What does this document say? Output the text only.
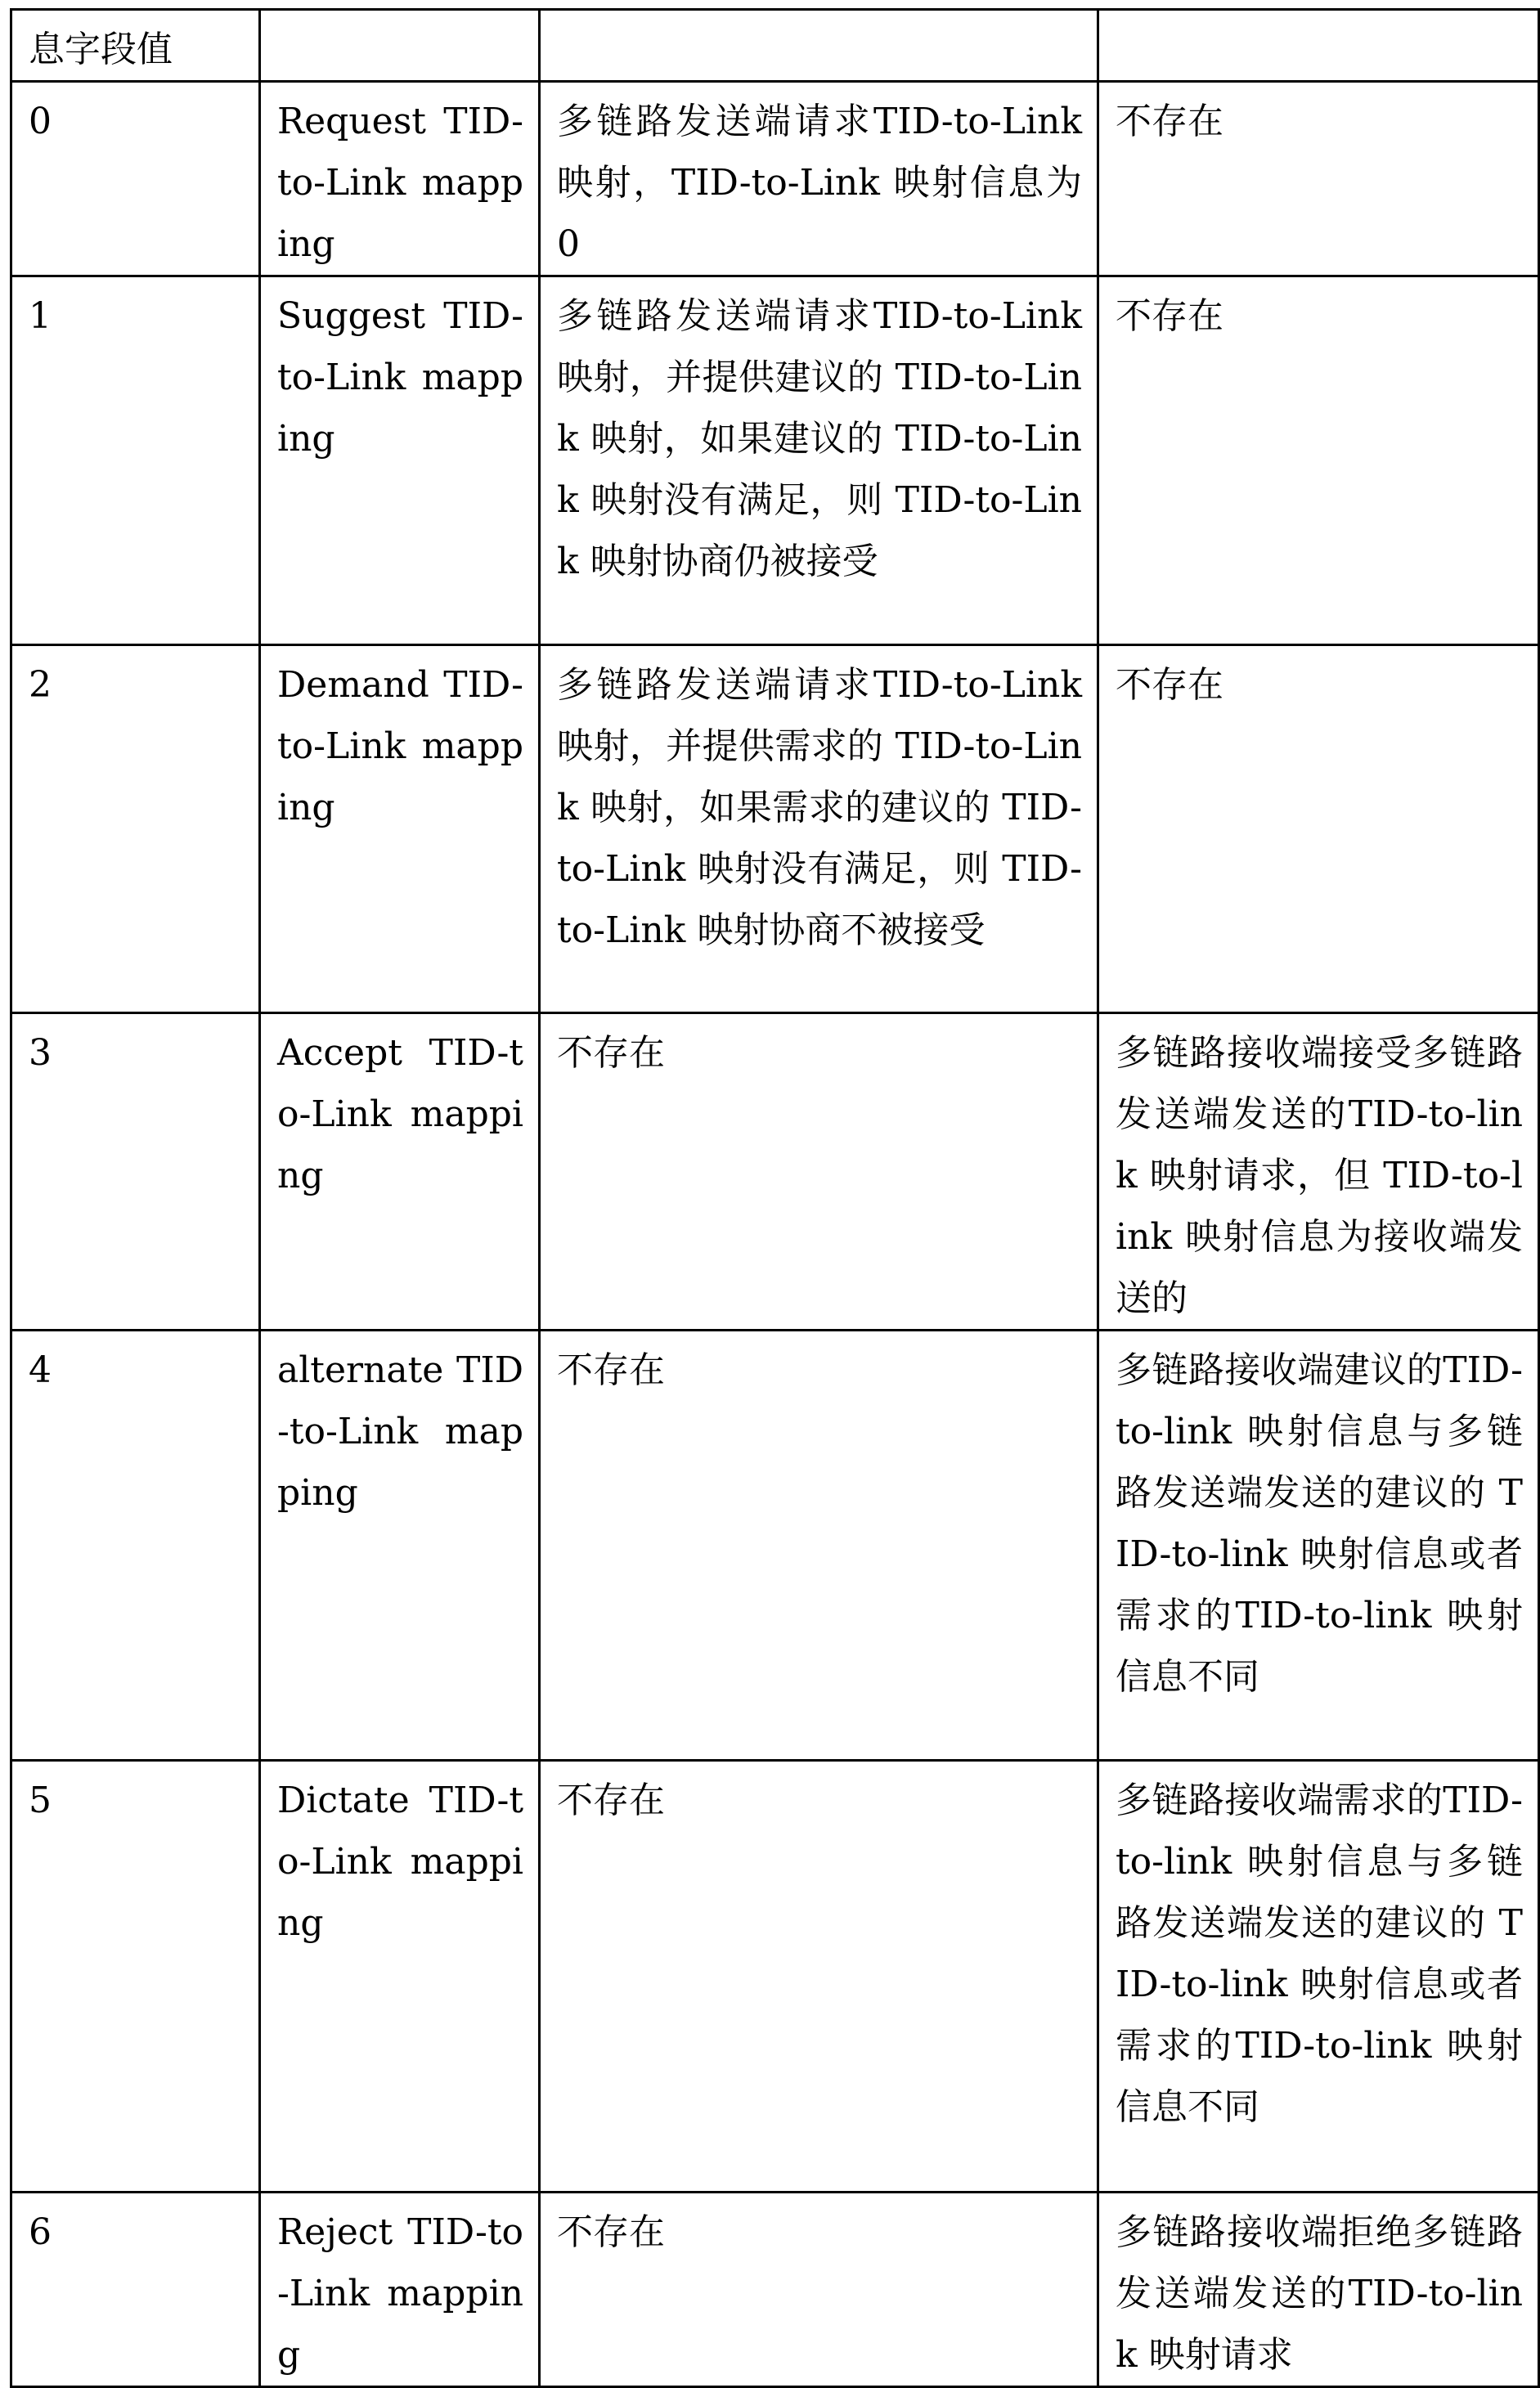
息字段值			
0	Request TID-to-Link mapping	多链路发送端请求TID-to-Link 映射，TID-to-Link 映射信息为 0	不存在
1	Suggest TID-to-Link mapping	多链路发送端请求TID-to-Link 映射，并提供建议的 TID-to-Link 映射，如果建议的 TID-to-Link 映射没有满足，则 TID-to-Link 映射协商仍被接受	不存在
2	Demand TID-to-Link mapping	多链路发送端请求TID-to-Link 映射，并提供需求的 TID-to-Link 映射，如果需求的建议的 TID-to-Link 映射没有满足，则 TID-to-Link 映射协商不被接受	不存在
3	Accept TID-to-Link mapping	不存在	多链路接收端接受多链路发送端发送的TID-to-link 映射请求，但 TID-to-link 映射信息为接收端发送的
4	alternate TID-to-Link mapping	不存在	多链路接收端建议的TID-to-link 映射信息与多链路发送端发送的建议的 TID-to-link 映射信息或者需求的TID-to-link 映射信息不同
5	Dictate TID-to-Link mapping	不存在	多链路接收端需求的TID-to-link 映射信息与多链路发送端发送的建议的 TID-to-link 映射信息或者需求的TID-to-link 映射信息不同
6	Reject TID-to-Link mapping	不存在	多链路接收端拒绝多链路发送端发送的TID-to-link 映射请求
